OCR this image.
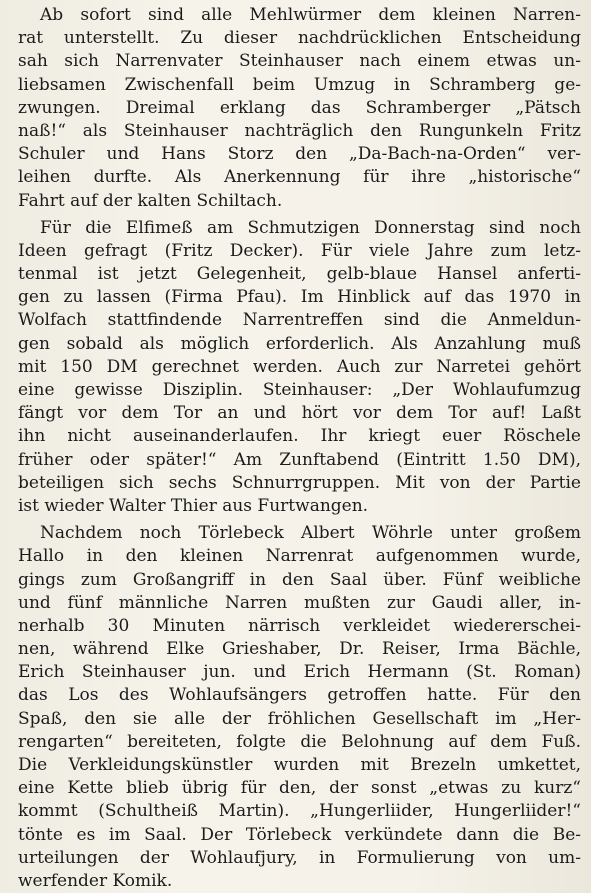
Ab sofort sind alle Mehlwürmer dem kleinen Narren-
rat unterstellt. Zu dieser nachdrücklichen Entscheidung
sah sich Narrenvater Steinhauser nach einem etwas un-
liebsamen Zwischenfall beim Umzug in Schramberg ge-
zwungen. Dreimal erklang das Schramberger „Pätsch
naß!“ als Steinhauser nachträglich den Rungunkeln Fritz
Schuler und Hans Storz den „Da-Bach-na-Orden“ ver-
leihen durfte. Als Anerkennung für ihre „historische“
Fahrt auf der kalten Schiltach.
Für die Elfimeß am Schmutzigen Donnerstag sind noch
Ideen gefragt (Fritz Decker). Für viele Jahre zum letz-
tenmal ist jetzt Gelegenheit, gelb-blaue Hansel anferti-
gen zu lassen (Firma Pfau). Im Hinblick auf das 1970 in
Wolfach stattfindende Narrentreffen sind die Anmeldun-
gen sobald als möglich erforderlich. Als Anzahlung muß
mit 150 DM gerechnet werden. Auch zur Narretei gehört
eine gewisse Disziplin. Steinhauser: „Der Wohlaufumzug
fängt vor dem Tor an und hört vor dem Tor auf! Laßt
ihn nicht auseinanderlaufen. Ihr kriegt euer Röschele
früher oder später!“ Am Zunftabend (Eintritt 1.50 DM),
beteiligen sich sechs Schnurrgruppen. Mit von der Partie
ist wieder Walter Thier aus Furtwangen.
Nachdem noch Törlebeck Albert Wöhrle unter großem
Hallo in den kleinen Narrenrat aufgenommen wurde,
gings zum Großangriff in den Saal über. Fünf weibliche
und fünf männliche Narren mußten zur Gaudi aller, in-
nerhalb 30 Minuten närrisch verkleidet wiedererschei-
nen, während Elke Grieshaber, Dr. Reiser, Irma Bächle,
Erich Steinhauser jun. und Erich Hermann (St. Roman)
das Los des Wohlaufsängers getroffen hatte. Für den
Spaß, den sie alle der fröhlichen Gesellschaft im „Her-
rengarten“ bereiteten, folgte die Belohnung auf dem Fuß.
Die Verkleidungskünstler wurden mit Brezeln umkettet,
eine Kette blieb übrig für den, der sonst „etwas zu kurz“
kommt (Schultheiß Martin). „Hungerliider, Hungerliider!“
tönte es im Saal. Der Törlebeck verkündete dann die Be-
urteilungen der Wohlaufjury, in Formulierung von um-
werfender Komik.
